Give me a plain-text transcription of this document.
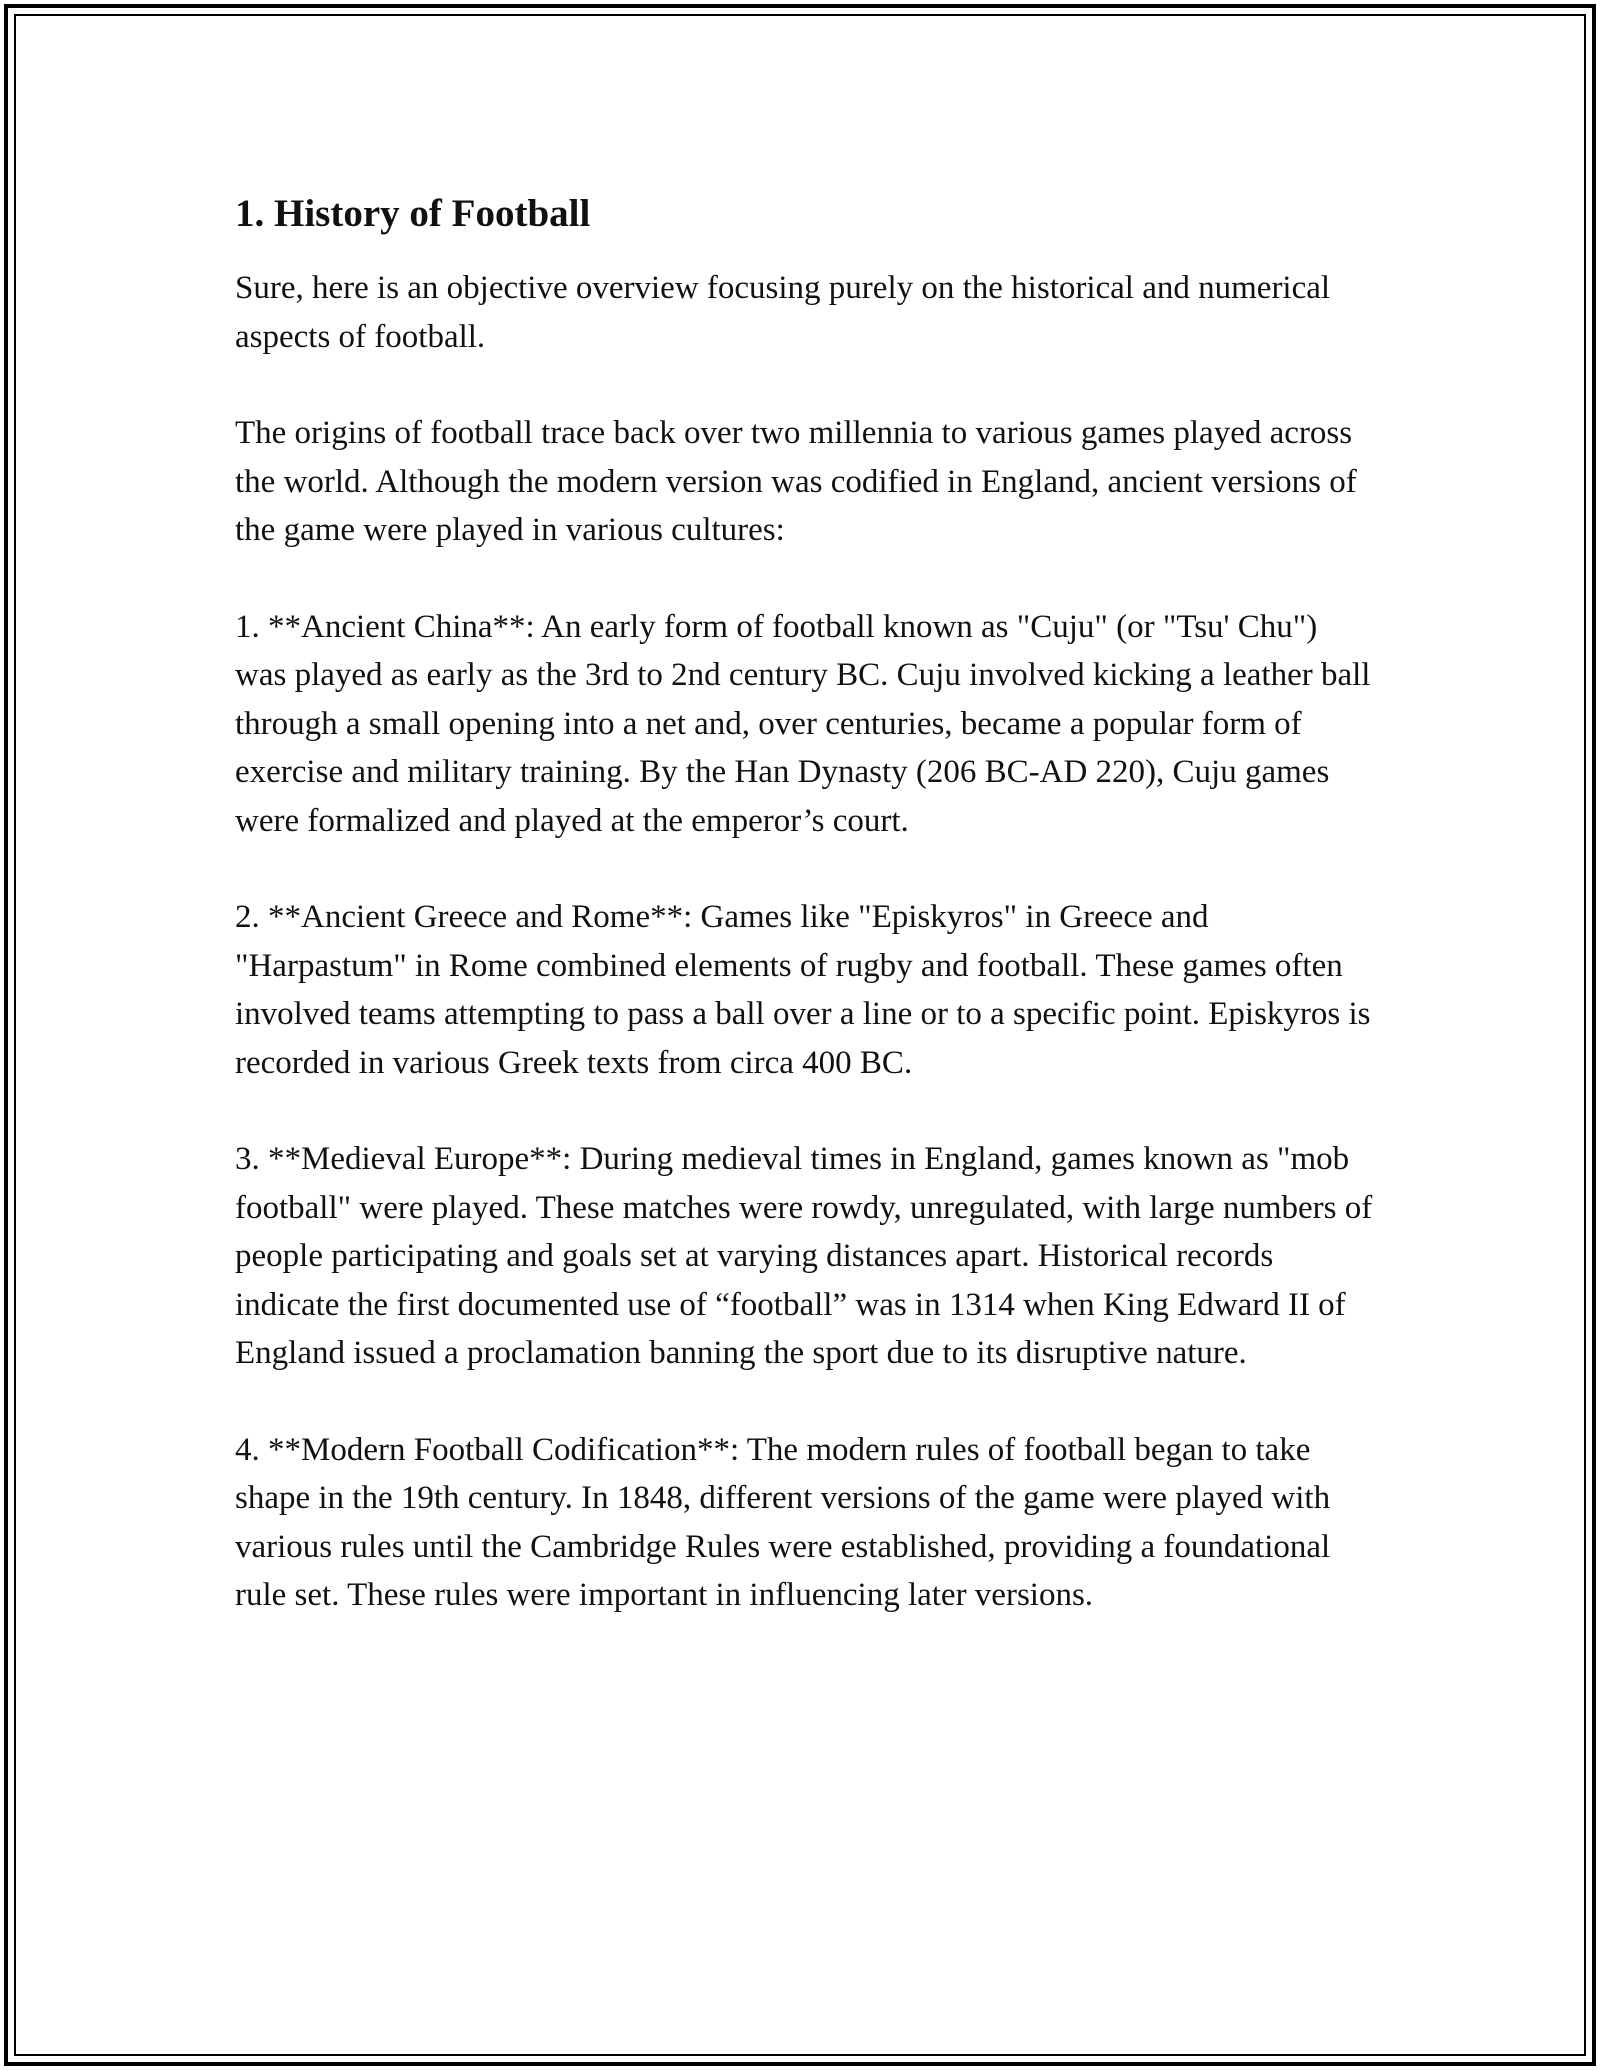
1. History of Football

Sure, here is an objective overview focusing purely on the historical and numerical aspects of football.

The origins of football trace back over two millennia to various games played across the world. Although the modern version was codified in England, ancient versions of the game were played in various cultures:

1. **Ancient China**: An early form of football known as "Cuju" (or "Tsu' Chu") was played as early as the 3rd to 2nd century BC. Cuju involved kicking a leather ball through a small opening into a net and, over centuries, became a popular form of exercise and military training. By the Han Dynasty (206 BC-AD 220), Cuju games were formalized and played at the emperor’s court.

2. **Ancient Greece and Rome**: Games like "Episkyros" in Greece and "Harpastum" in Rome combined elements of rugby and football. These games often involved teams attempting to pass a ball over a line or to a specific point. Episkyros is recorded in various Greek texts from circa 400 BC.

3. **Medieval Europe**: During medieval times in England, games known as "mob football" were played. These matches were rowdy, unregulated, with large numbers of people participating and goals set at varying distances apart. Historical records indicate the first documented use of “football” was in 1314 when King Edward II of England issued a proclamation banning the sport due to its disruptive nature.

4. **Modern Football Codification**: The modern rules of football began to take shape in the 19th century. In 1848, different versions of the game were played with various rules until the Cambridge Rules were established, providing a foundational rule set. These rules were important in influencing later versions.
